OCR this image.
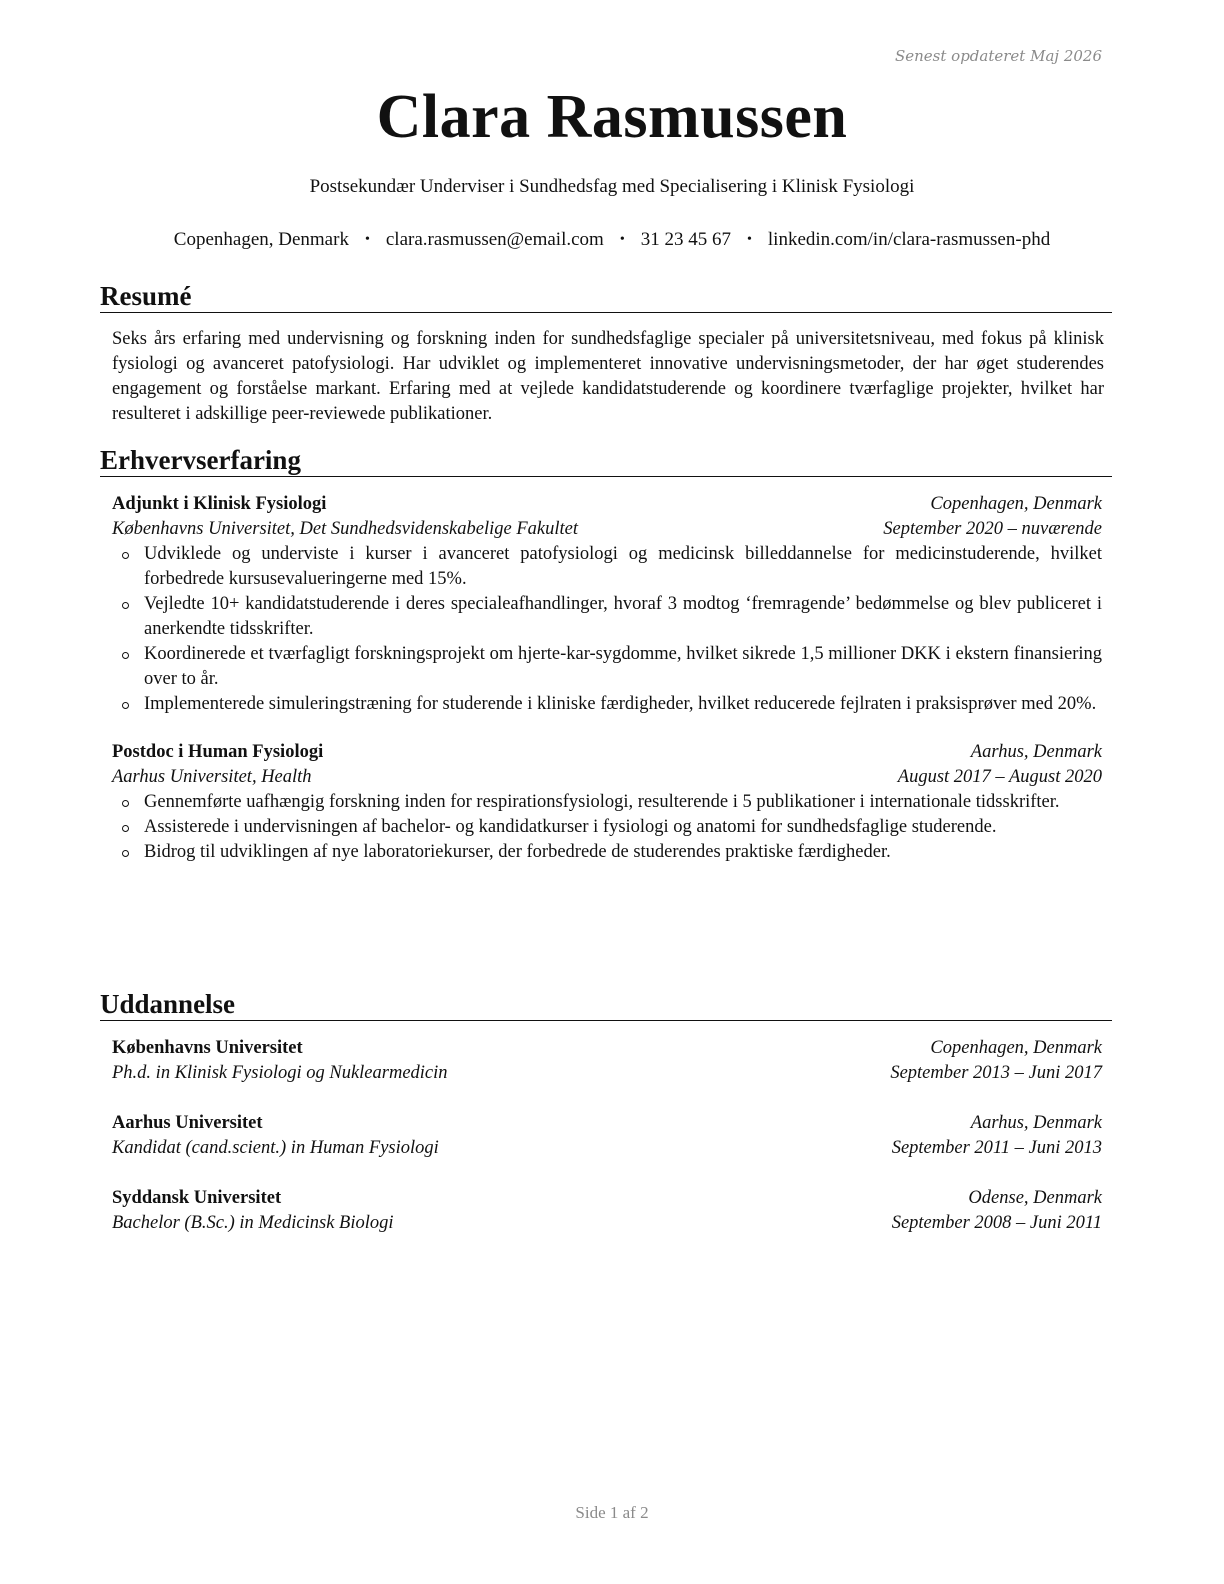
Senest opdateret Maj 2026
Clara Rasmussen
Postsekundær Underviser i Sundhedsfag med Specialisering i Klinisk Fysiologi
Copenhagen, Denmark • clara.rasmussen@email.com • 31 23 45 67 • linkedin.com/in/clara-rasmussen-phd
Resumé
Seks års erfaring med undervisning og forskning inden for sundhedsfaglige specialer på universitetsniveau, med fokus på klinisk fysiologi og avanceret patofysiologi. Har udviklet og implementeret innovative undervisningsmetoder, der har øget studerendes engagement og forståelse markant. Erfaring med at vejlede kandidatstuderende og koordinere tværfaglige projekter, hvilket har resulteret i adskillige peer-reviewede publikationer.
Erhvervserfaring
Adjunkt i Klinisk Fysiologi	Copenhagen, Denmark
Københavns Universitet, Det Sundhedsvidenskabelige Fakultet	September 2020 – nuværende
Udviklede og underviste i kurser i avanceret patofysiologi og medicinsk billeddannelse for medicinstuderende, hvilket forbedrede kursusevalueringerne med 15%.
Vejledte 10+ kandidatstuderende i deres specialeafhandlinger, hvoraf 3 modtog ‘fremragende’ bedømmelse og blev publiceret i anerkendte tidsskrifter.
Koordinerede et tværfagligt forskningsprojekt om hjerte-kar-sygdomme, hvilket sikrede 1,5 millioner DKK i ekstern finansiering over to år.
Implementerede simuleringstræning for studerende i kliniske færdigheder, hvilket reducerede fejlraten i praksisprøver med 20%.
Postdoc i Human Fysiologi	Aarhus, Denmark
Aarhus Universitet, Health	August 2017 – August 2020
Gennemførte uafhængig forskning inden for respirationsfysiologi, resulterende i 5 publikationer i internationale tidsskrifter.
Assisterede i undervisningen af bachelor- og kandidatkurser i fysiologi og anatomi for sundhedsfaglige studerende.
Bidrog til udviklingen af nye laboratoriekurser, der forbedrede de studerendes praktiske færdigheder.
Uddannelse
Københavns Universitet	Copenhagen, Denmark
Ph.d. in Klinisk Fysiologi og Nuklearmedicin	September 2013 – Juni 2017
Aarhus Universitet	Aarhus, Denmark
Kandidat (cand.scient.) in Human Fysiologi	September 2011 – Juni 2013
Syddansk Universitet	Odense, Denmark
Bachelor (B.Sc.) in Medicinsk Biologi	September 2008 – Juni 2011
Side 1 af 2
